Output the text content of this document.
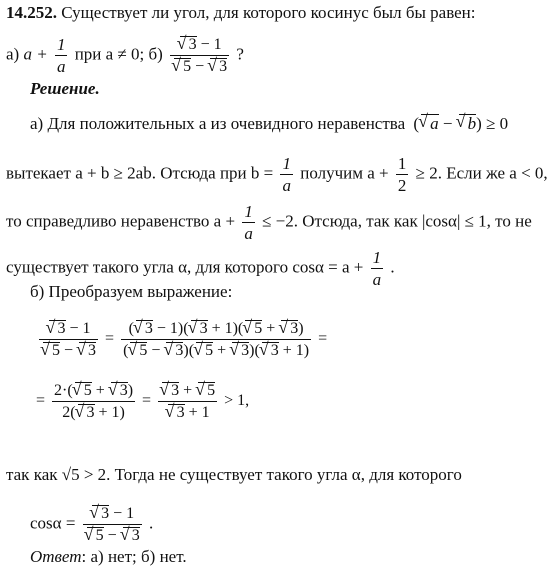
14.252. Существует ли угол, для которого косинус был бы равен:
а) $a + \frac{1}{a}$ при a ≠ 0; б) √ 3 − 1
√ 5 − √ 3 ?
Решение.
а) Для положительных a из очевидного неравенства ( √ a − √ b) ≥ 0
вытекает a + b ≥ 2ab. Отсюда при $b = \frac{1}{a}$ получим $a + \frac{1}{2} \ge 2$. Если же a < 0,
то справедливо неравенство $a + \frac{1}{a} \le -2$. Отсюда, так как |cosα| ≤ 1, то не
существует такого угла α, для которого $\cos\alpha = a + \frac{1}{a}$ .
б) Преобразуем выражение:
√ 3 − 1
√ 5 − √ $3 = \frac{( √ 3 - 1)( √ 3 + 1)( √ 5 + √ 3)}{( √ 5 - √ 3)( √ 5 + √ 3)( √ 3 + 1)}$ =
= $\frac{2\cdot( √ 5 + √ 3)}{2( √ 3 + 1)}$ = √ 3 + √ 5
√ 3 + 1 > 1,
так как √5 > 2. Тогда не существует такого угла α, для которого
cosα = √ 3 − 1
√ 5 − √ 3 .
Ответ: а) нет; б) нет.
